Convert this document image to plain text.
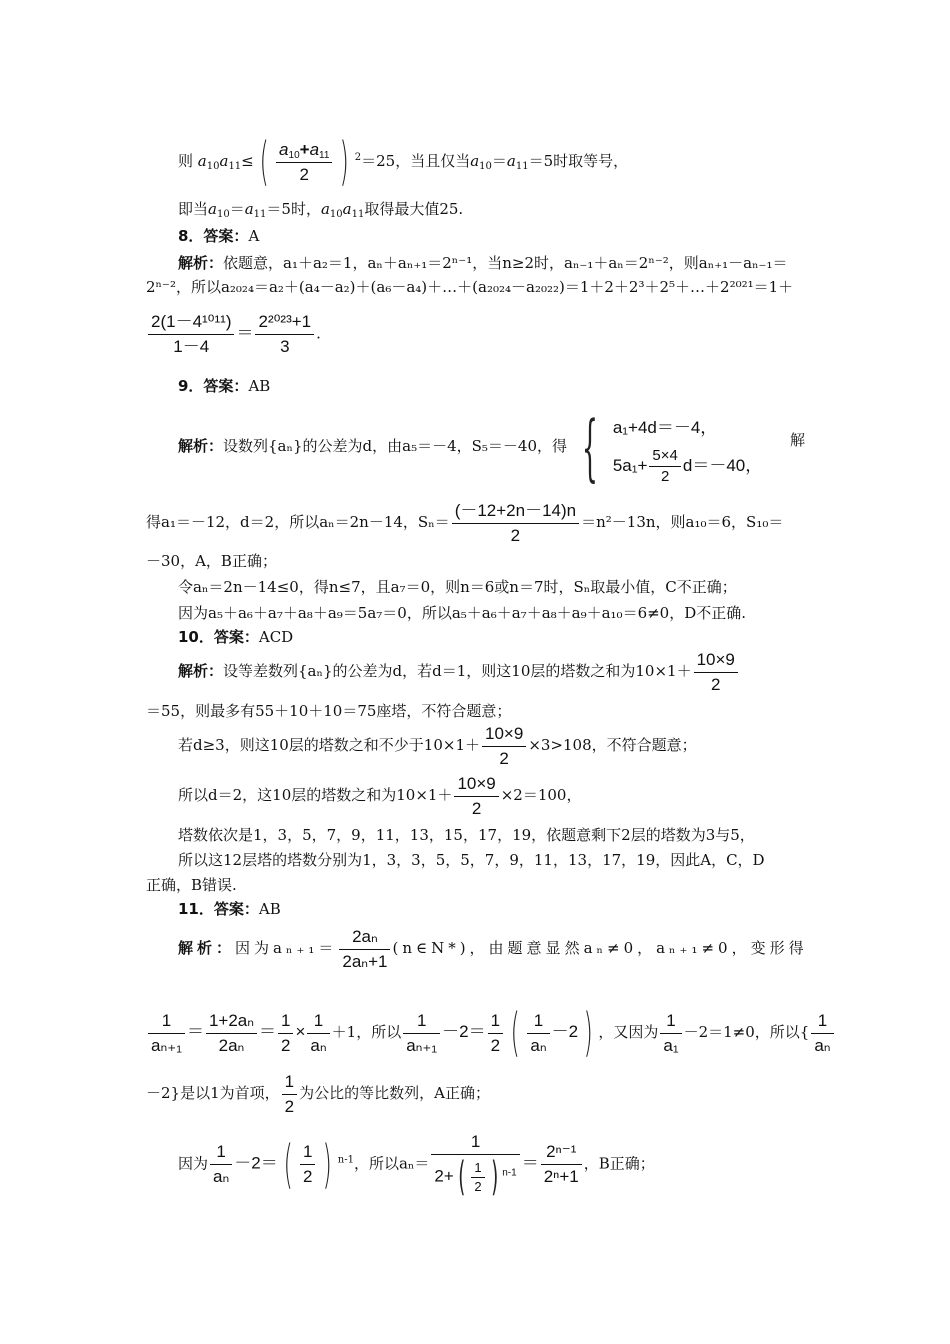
则 $a_{10}a_{11}\le$ ( $\frac{a_{10}+a_{11}}{2}$ ) $^2$＝25，当且仅当$a_{10}=a_{11}=5$时取等号，
即当$a_{10}=a_{11}=5$时，$a_{10}a_{11}$取得最大值25.
8．答案：A
解析：依题意，a₁＋a₂＝1，aₙ＋aₙ₊₁＝2ⁿ⁻¹，当n≥2时，aₙ₋₁＋aₙ＝2ⁿ⁻²，则aₙ₊₁－aₙ₋₁＝
2ⁿ⁻²，所以a₂₀₂₄＝a₂＋(a₄－a₂)＋(a₆－a₄)＋…＋(a₂₀₂₄－a₂₀₂₂)＝1＋2＋2³＋2⁵＋…＋2²⁰²¹＝1＋
$\frac{\text{2(1－4¹⁰¹¹)}}{1-4} = \frac{\text{2²⁰²³+1}}{3}$ .
9．答案：AB
解析：设数列{aₙ}的公差为d，由a₅＝－4，S₅＝－40，得 { a₁+4d＝－4，
$5a_1+ \frac{5\times 4}{2} d=-40$，
解
得a₁＝－12，d＝2，所以aₙ＝2n－14，$S_n= \frac{(-12+2n-14)n}{2} =n^2-13n$，则a₁₀＝6，S₁₀＝
－30，A，B正确；
令aₙ＝2n－14≤0，得n≤7，且a₇＝0，则n＝6或n＝7时，Sₙ取最小值，C不正确；
因为a₅＋a₆＋a₇＋a₈＋a₉＝5a₇＝0，所以a₅＋a₆＋a₇＋a₈＋a₉＋a₁₀＝6≠0，D不正确.
10．答案：ACD
解析：设等差数列{aₙ}的公差为d，若d＝1，则这10层的塔数之和为$10\times 1+ \frac{10\times 9}{2}$
＝55，则最多有55＋10＋10＝75座塔，不符合题意；
若d≥3，则这10层的塔数之和不少于$10\times 1+ \frac{10\times 9}{2} \times 3>108$，不符合题意；
所以d＝2，这10层的塔数之和为$10\times 1+ \frac{10\times 9}{2} \times 2=100$，
塔数依次是1，3，5，7，9，11，13，15，17，19，依题意剩下2层的塔数为3与5，
所以这12层塔的塔数分别为1，3，3，5，5，7，9，11，13，17，19，因此A，C，D
正确，B错误.
11．答案：AB
解析：因为$a_{n+1}= \frac{\text{2aₙ}}{\text{2aₙ+1}}$ (n∈N*)，由题意显然aₙ≠0，aₙ₊₁≠0，变形得
$\frac{1}{\text{aₙ₊₁}} = \frac{\text{1+2aₙ}}{\text{2aₙ}} = \frac{1}{2} \times \frac{1}{\text{aₙ}} +1$，所以 $\frac{1}{\text{aₙ₊₁}} -2= \frac{1}{2}$ ( $\frac{1}{\text{aₙ}} -2$ ) ，又因为 $\frac{1}{\text{a₁}} -2=1\ne 0$，所以{ $\frac{1}{\text{aₙ}}$
－2}是以1为首项， $\frac{1}{2}$ 为公比的等比数列，A正确；
因为 $\frac{1}{\text{aₙ}} -2=$ ( $\frac{1}{2}$ ) $^{n-1}$，所以$a_n= \frac{1}{2+ ( \frac{1}{2} ) ^{n-1}} = \frac{\text{2ⁿ⁻¹}}{\text{2ⁿ+1}}$ ，B正确；
